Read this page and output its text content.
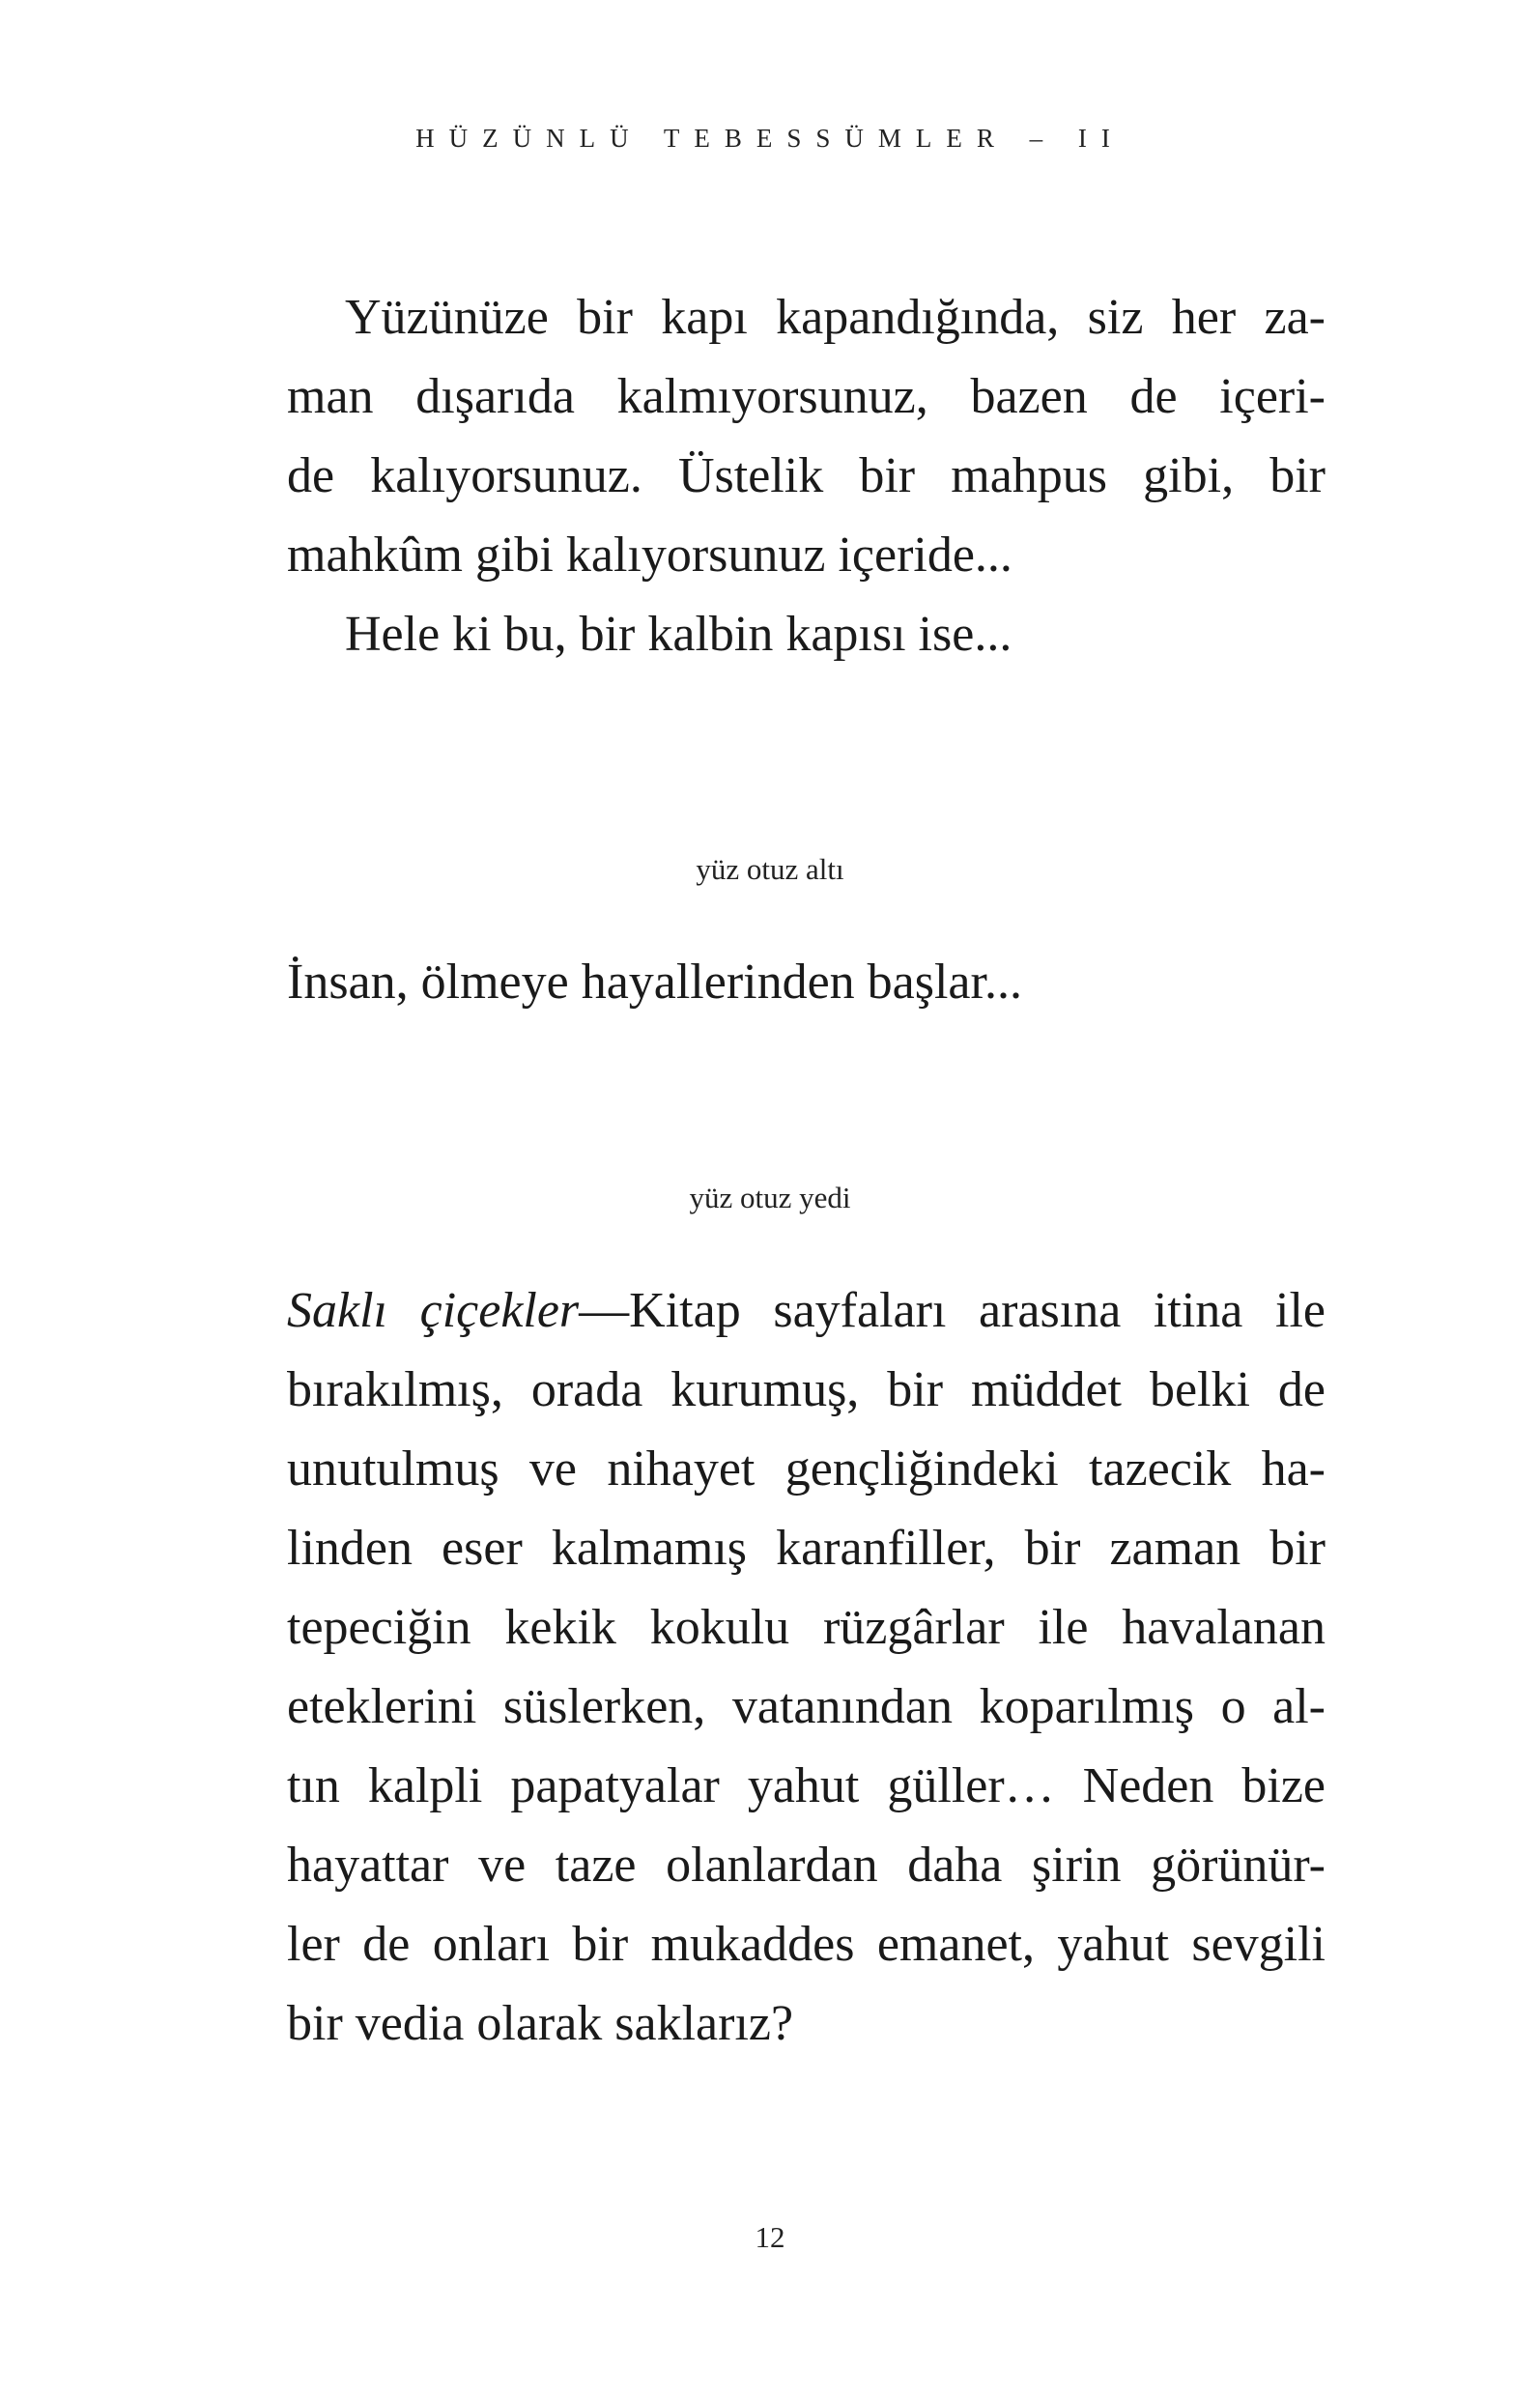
HÜZÜNLÜ TEBESSÜMLER – II
Yüzünüze bir kapı kapandığında, siz her za-
man dışarıda kalmıyorsunuz, bazen de içeri-
de kalıyorsunuz. Üstelik bir mahpus gibi, bir
mahkûm gibi kalıyorsunuz içeride...
Hele ki bu, bir kalbin kapısı ise...
yüz otuz altı
İnsan, ölmeye hayallerinden başlar...
yüz otuz yedi
Saklı çiçekler—Kitap sayfaları arasına itina ile
bırakılmış, orada kurumuş, bir müddet belki de
unutulmuş ve nihayet gençliğindeki tazecik ha-
linden eser kalmamış karanfiller, bir zaman bir
tepeciğin kekik kokulu rüzgârlar ile havalanan
eteklerini süslerken, vatanından koparılmış o al-
tın kalpli papatyalar yahut güller… Neden bize
hayattar ve taze olanlardan daha şirin görünür-
ler de onları bir mukaddes emanet, yahut sevgili
bir vedia olarak saklarız?
12
